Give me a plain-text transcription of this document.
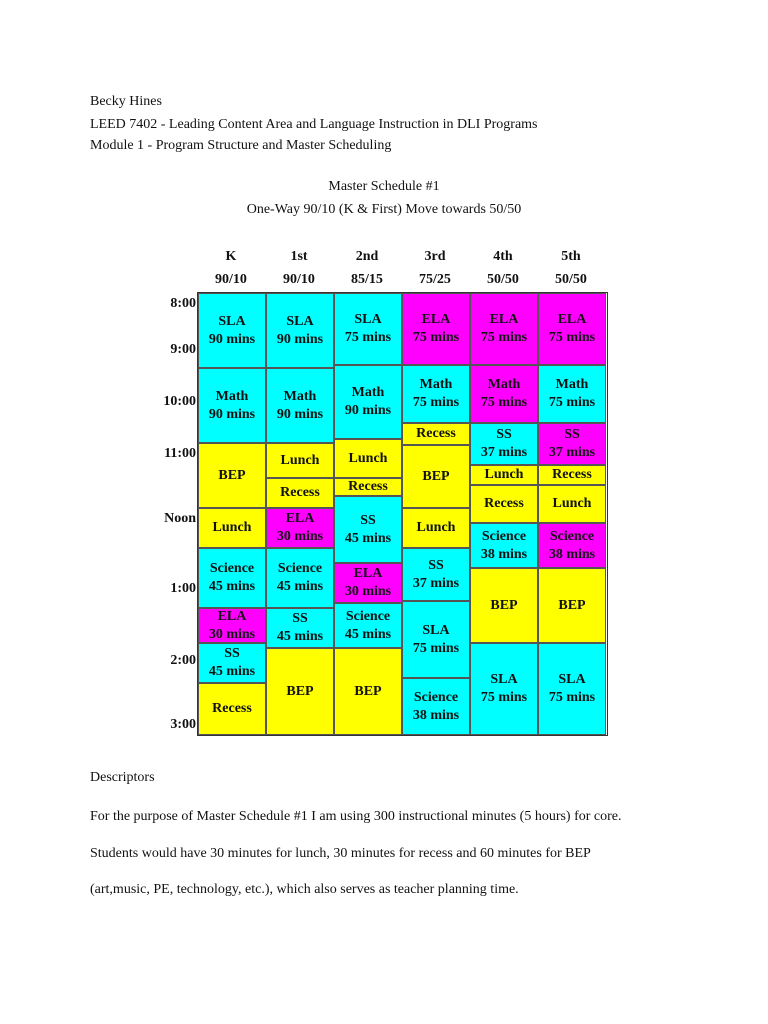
Becky Hines
LEED 7402 - Leading Content Area and Language Instruction in DLI Programs
Module 1 - Program Structure and Master Scheduling
Master Schedule #1
One-Way 90/10 (K & First) Move towards 50/50
K
90/10
1st
90/10
2nd
85/15
3rd
75/25
4th
50/50
5th
50/50
8:00
9:00
10:00
11:00
Noon
1:00
2:00
3:00
SLA
90 mins
Math
90 mins
BEP
Lunch
Science
45 mins
ELA
30 mins
SS
45 mins
Recess
SLA
90 mins
Math
90 mins
Lunch
Recess
ELA
30 mins
Science
45 mins
SS
45 mins
BEP
SLA
75 mins
Math
90 mins
Lunch
Recess
SS
45 mins
ELA
30 mins
Science
45 mins
BEP
ELA
75 mins
Math
75 mins
Recess
BEP
Lunch
SS
37 mins
SLA
75 mins
Science
38 mins
ELA
75 mins
Math
75 mins
SS
37 mins
Lunch
Recess
Science
38 mins
BEP
SLA
75 mins
ELA
75 mins
Math
75 mins
SS
37 mins
Recess
Lunch
Science
38 mins
BEP
SLA
75 mins
Descriptors
For the purpose of Master Schedule #1 I am using 300 instructional minutes (5 hours) for core.
Students would have 30 minutes for lunch, 30 minutes for recess and 60 minutes for BEP
(art,music, PE, technology, etc.), which also serves as teacher planning time.
